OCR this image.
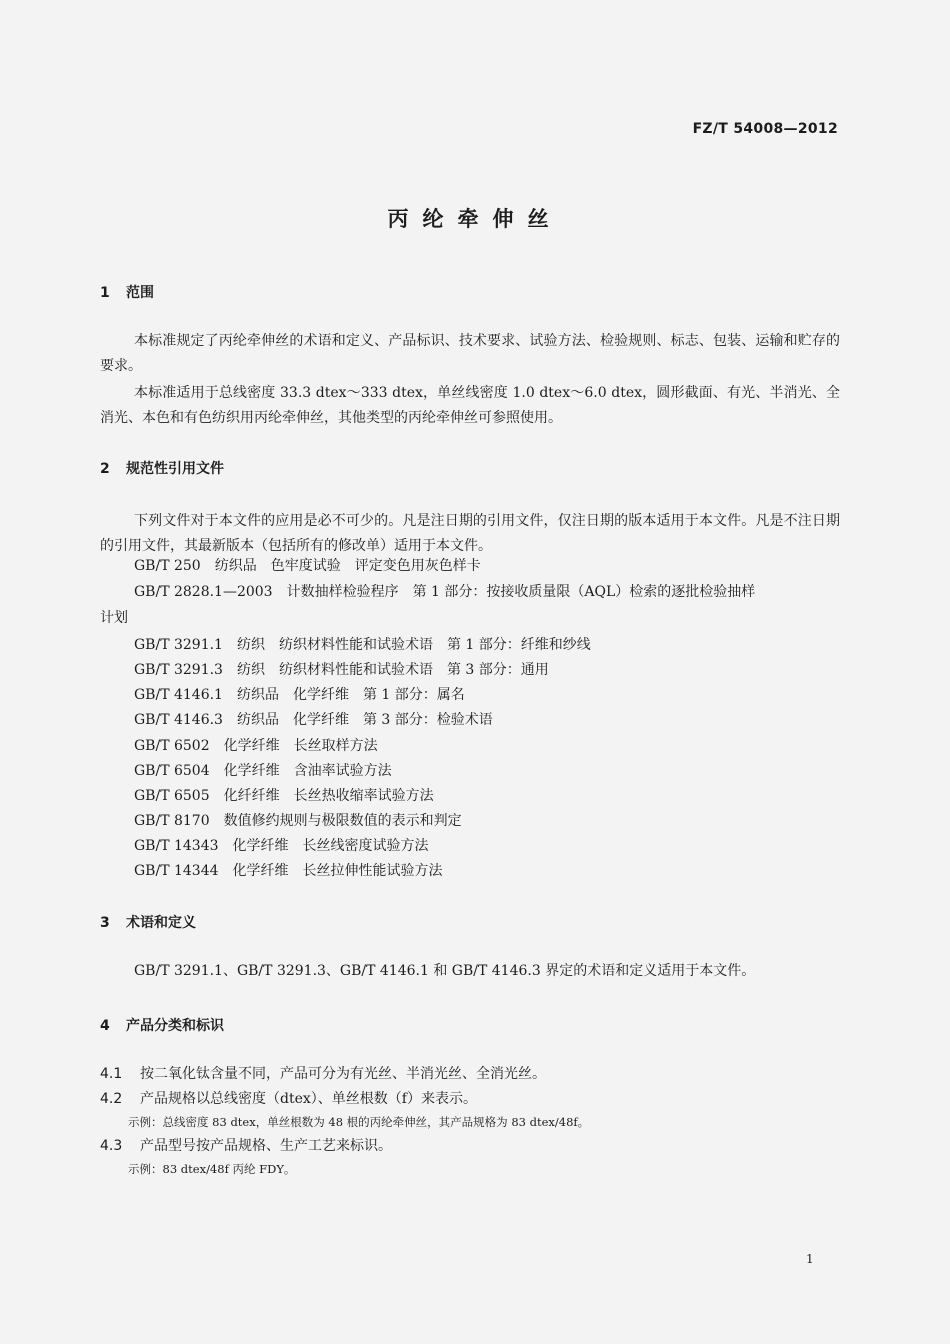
FZ/T 54008—2012
丙纶牵伸丝
1 范围
本标准规定了丙纶牵伸丝的术语和定义、产品标识、技术要求、试验方法、检验规则、标志、包装、运输和贮存的要求。
本标准适用于总线密度 33.3 dtex～333 dtex，单丝线密度 1.0 dtex～6.0 dtex，圆形截面、有光、半消光、全消光、本色和有色纺织用丙纶牵伸丝，其他类型的丙纶牵伸丝可参照使用。
2 规范性引用文件
下列文件对于本文件的应用是必不可少的。凡是注日期的引用文件，仅注日期的版本适用于本文件。凡是不注日期的引用文件，其最新版本（包括所有的修改单）适用于本文件。
GB/T 250　纺织品　色牢度试验　评定变色用灰色样卡
GB/T 2828.1—2003　计数抽样检验程序　第 1 部分：按接收质量限（AQL）检索的逐批检验抽样
计划
GB/T 3291.1　纺织　纺织材料性能和试验术语　第 1 部分：纤维和纱线
GB/T 3291.3　纺织　纺织材料性能和试验术语　第 3 部分：通用
GB/T 4146.1　纺织品　化学纤维　第 1 部分：属名
GB/T 4146.3　纺织品　化学纤维　第 3 部分：检验术语
GB/T 6502　化学纤维　长丝取样方法
GB/T 6504　化学纤维　含油率试验方法
GB/T 6505　化纤纤维　长丝热收缩率试验方法
GB/T 8170　数值修约规则与极限数值的表示和判定
GB/T 14343　化学纤维　长丝线密度试验方法
GB/T 14344　化学纤维　长丝拉伸性能试验方法
3 术语和定义
GB/T 3291.1、GB/T 3291.3、GB/T 4146.1 和 GB/T 4146.3 界定的术语和定义适用于本文件。
4 产品分类和标识
4.1 按二氧化钛含量不同，产品可分为有光丝、半消光丝、全消光丝。
4.2 产品规格以总线密度（dtex）、单丝根数（f）来表示。
示例：总线密度 83 dtex，单丝根数为 48 根的丙纶牵伸丝，其产品规格为 83 dtex/48f。
4.3 产品型号按产品规格、生产工艺来标识。
示例：83 dtex/48f 丙纶 FDY。
1
